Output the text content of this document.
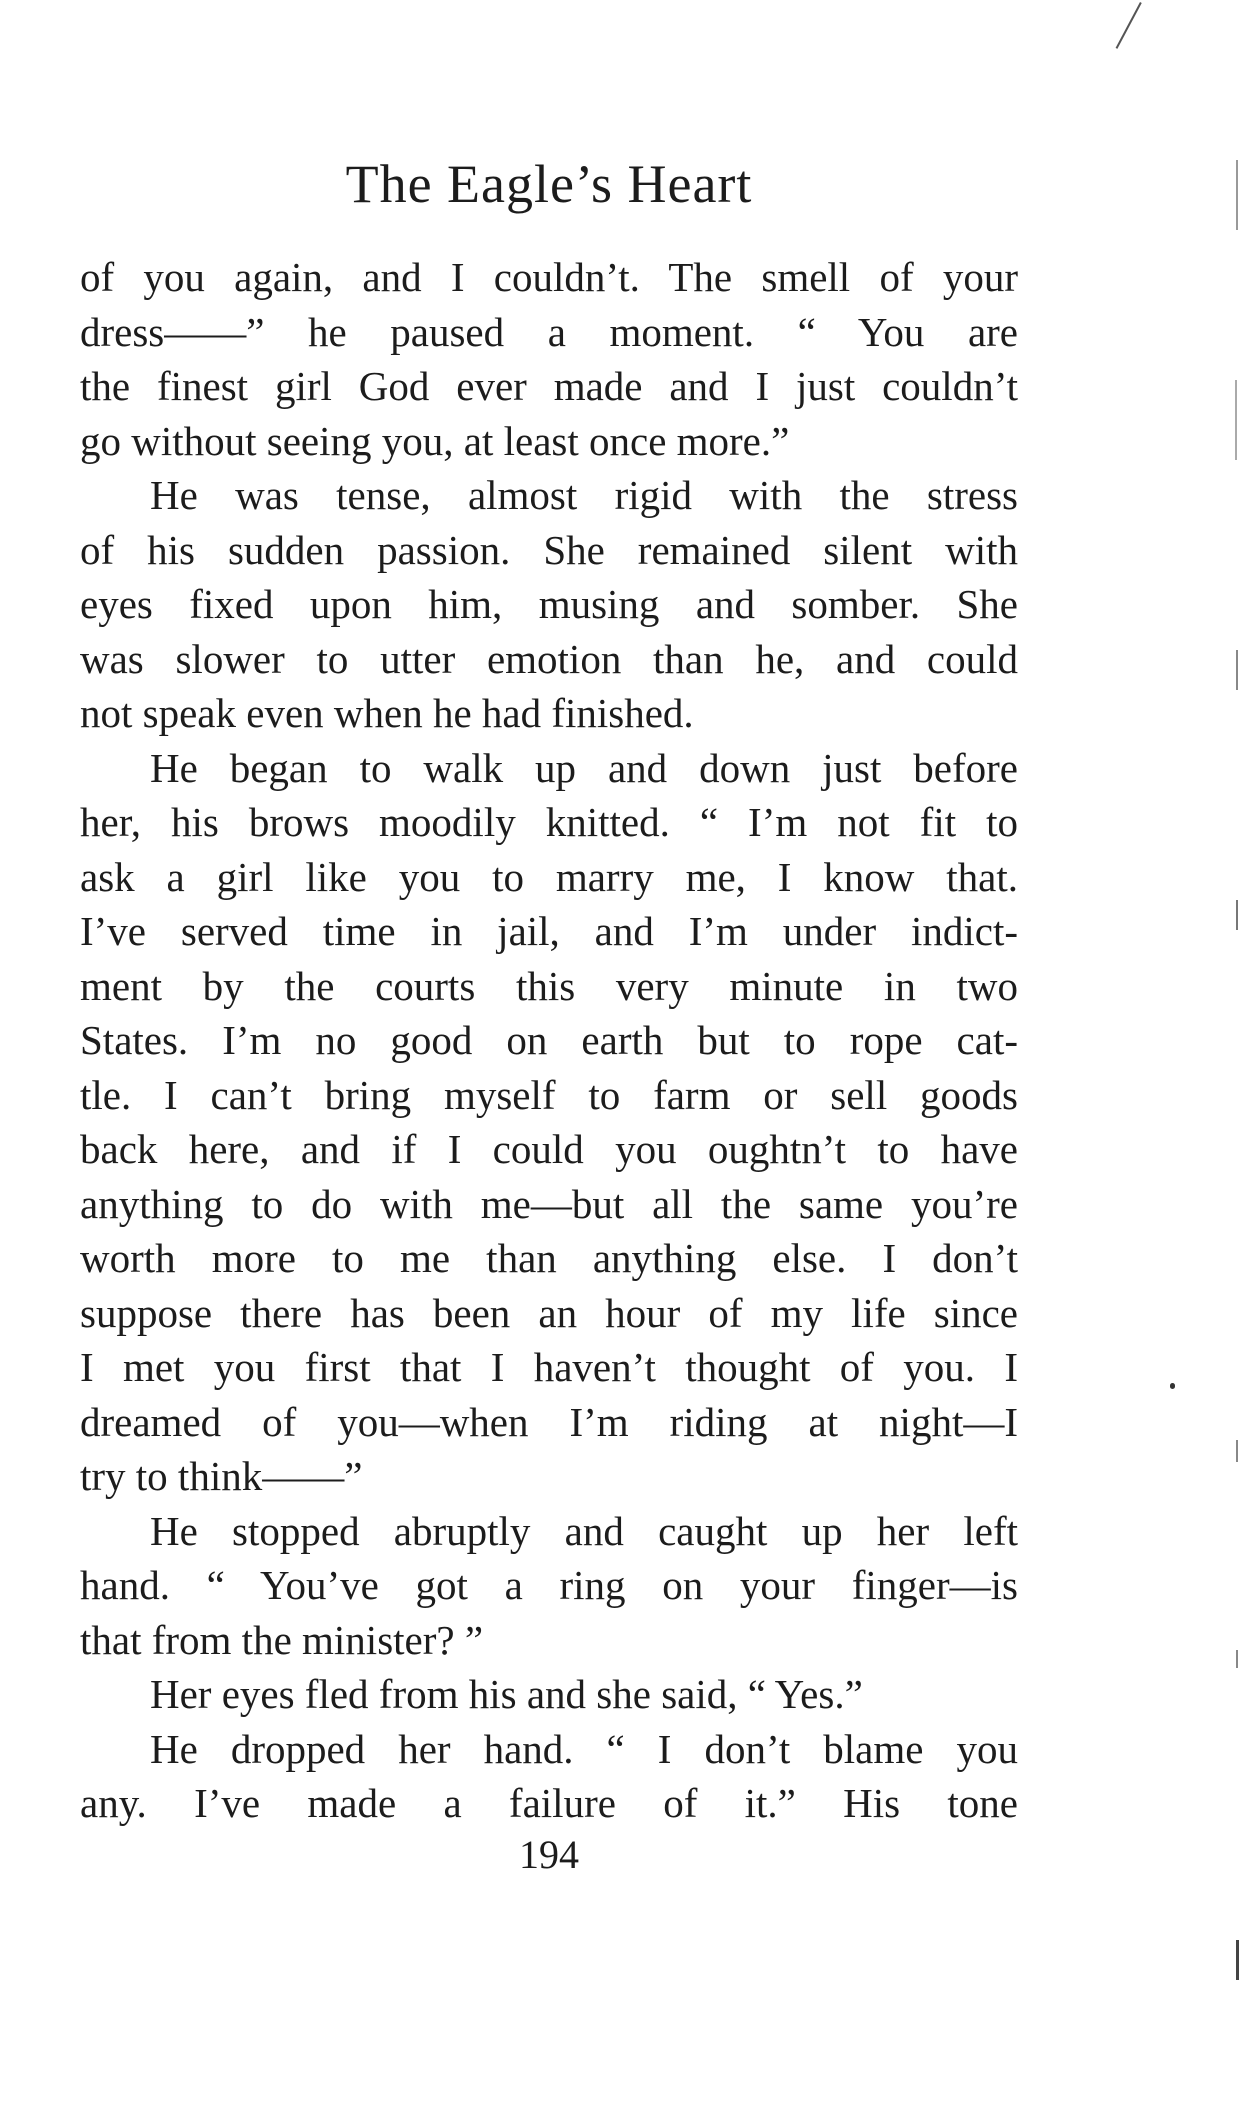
The Eagle’s Heart
of you again, and I couldn’t. The smell of your
dress——” he paused a moment. “ You are
the finest girl God ever made and I just couldn’t
go without seeing you, at least once more.”
He was tense, almost rigid with the stress
of his sudden passion. She remained silent with
eyes fixed upon him, musing and somber. She
was slower to utter emotion than he, and could
not speak even when he had finished.
He began to walk up and down just before
her, his brows moodily knitted. “ I’m not fit to
ask a girl like you to marry me, I know that.
I’ve served time in jail, and I’m under indict-
ment by the courts this very minute in two
States. I’m no good on earth but to rope cat-
tle. I can’t bring myself to farm or sell goods
back here, and if I could you oughtn’t to have
anything to do with me—but all the same you’re
worth more to me than anything else. I don’t
suppose there has been an hour of my life since
I met you first that I haven’t thought of you. I
dreamed of you—when I’m riding at night—I
try to think——”
He stopped abruptly and caught up her left
hand. “ You’ve got a ring on your finger—is
that from the minister? ”
Her eyes fled from his and she said, “ Yes.”
He dropped her hand. “ I don’t blame you
any. I’ve made a failure of it.” His tone
194
